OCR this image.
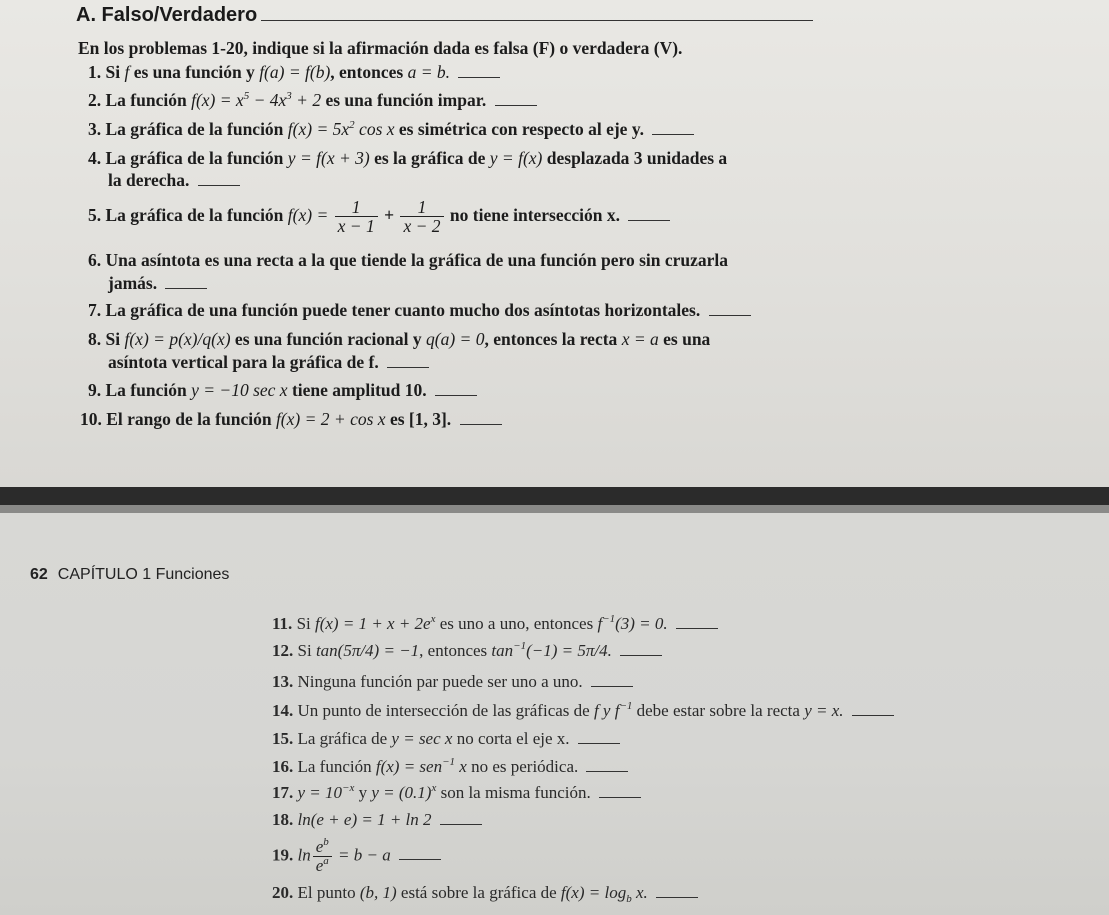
A. Falso/Verdadero
En los problemas 1-20, indique si la afirmación dada es falsa (F) o verdadera (V).
1. Si f es una función y f(a) = f(b), entonces a = b.
2. La función $f(x) = x^5 - 4x^3 + 2$ es una función impar.
3. La gráfica de la función $f(x) = 5x^2$ cos x es simétrica con respecto al eje y.
4. La gráfica de la función y = f(x + 3) es la gráfica de y = f(x) desplazada 3 unidades a
la derecha.
5. La gráfica de la función $f(x) = \frac{1}{x - 1} + \frac{1}{x - 2}$ no tiene intersección x.
6. Una asíntota es una recta a la que tiende la gráfica de una función pero sin cruzarla
jamás.
7. La gráfica de una función puede tener cuanto mucho dos asíntotas horizontales.
8. Si f(x) = p(x)/q(x) es una función racional y q(a) = 0, entonces la recta x = a es una
asíntota vertical para la gráfica de f.
9. La función y = −10 sec x tiene amplitud 10.
10. El rango de la función f(x) = 2 + cos x es [1, 3].
62 CAPÍTULO 1 Funciones
11. Si $f(x) = 1 + x + 2e^x$ es uno a uno, entonces $f^{-1}(3) = 0$.
12. Si tan(5π/4) = −1, entonces $\tan^{-1}(-1) = 5\pi/4$.
13. Ninguna función par puede ser uno a uno.
14. Un punto de intersección de las gráficas de f y $f^{-1}$ debe estar sobre la recta y = x.
15. La gráfica de y = sec x no corta el eje x.
16. La función f(x) = sen$^{-1}$ x no es periódica.
17. $y = 10^{-x}$ y $y = (0.1)^x$ son la misma función.
18. ln(e + e) = 1 + ln 2
19. $\ln \frac{e^b}{e^a} = b - a$
20. El punto (b, 1) está sobre la gráfica de $f(x) = \log_b x$.
